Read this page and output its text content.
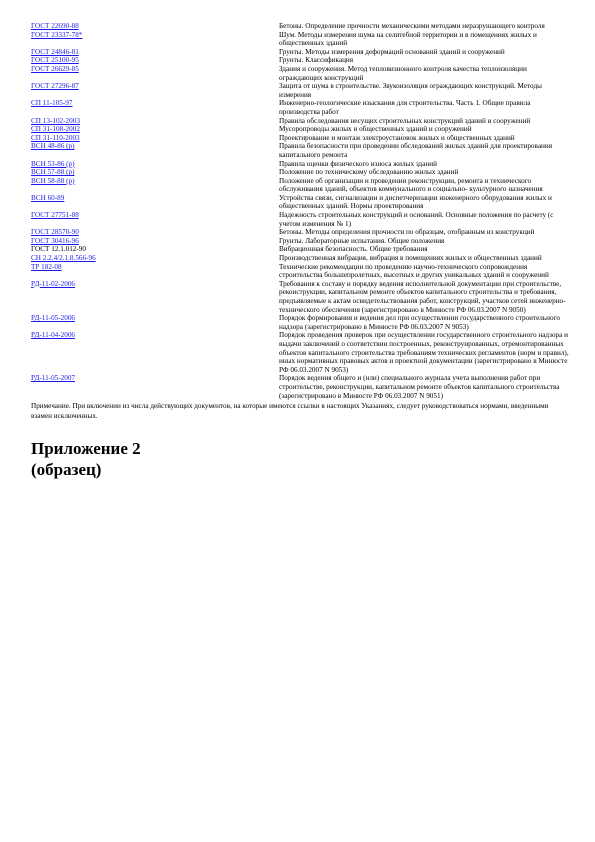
ГОСТ 22690-88	Бетоны. Определение прочности механическими методами неразрушающего контроля
ГОСТ 23337-78*	Шум. Методы измерения шума на селитебной территории и в помещениях жилых и общественных зданий
ГОСТ 24846-81	Грунты. Методы измерения деформаций оснований зданий и сооружений
ГОСТ 25100-95	Грунты. Классификация
ГОСТ 26629-85	Здания и сооружения. Метод тепловизионного контроля качества теплоизоляции ограждающих конструкций
ГОСТ 27296-87	Защита от шума в строительстве. Звукоизоляция ограждающих конструкций. Методы измерения
СП 11-105-97	Инженерно-геологические изыскания для строительства. Часть 1. Общие правила производства работ
СП 13-102-2003	Правила обследования несущих строительных конструкций зданий и сооружений
СП 31-108-2002	Мусоропроводы жилых и общественных зданий и сооружений
СП 31-110-2003	Проектирование и монтаж электроустановок жилых и общественных зданий
ВСН 48-86 (р)	Правила безопасности при проведении обследований жилых зданий для проектирования капитального ремонта
ВСН 53-86 (р)	Правила оценки физического износа жилых зданий
ВСН 57-88 (р)	Положение по техническому обследованию жилых зданий
ВСН 58-88 (р)	Положение об организации и проведении реконструкции, ремонта и технического обслуживания зданий, объектов коммунального и социально- культурного назначения
ВСН 60-89	Устройства связи, сигнализации и диспетчеризации инженерного оборудования жилых и общественных зданий. Нормы проектирования
ГОСТ 27751-88	Надежность строительных конструкций и оснований. Основные положения по расчету (с учетом изменения № 1)
ГОСТ 28570-90	Бетоны. Методы определения прочности по образцам, отобранным из конструкций
ГОСТ 30416-96	Грунты. Лабораторные испытания. Общие положения
ГОСТ 12.1.012-90	Вибрационная безопасность. Общие требования
СН 2.2.4/2.1.8.566-96	Производственная вибрация, вибрация в помещениях жилых и общественных зданий
ТР 182-08	Технические рекомендации по проведению научно-технического сопровождения строительства большепролетных, высотных и других уникальных зданий и сооружений
РД-11-02-2006	Требования к составу и порядку ведения исполнительной документации при строительстве, реконструкции, капитальном ремонте объектов капитального строительства и требования, предъявляемые к актам освидетельствования работ, конструкций, участков сетей инженерно-технического обеспечения (зарегистрировано в Минюсте РФ 06.03.2007 N 9050)
РД-11-05-2006	Порядок формирования и ведения дел при осуществлении государственного строительного надзора (зарегистрировано в Минюсте РФ 06.03.2007 N 9053)
РД-11-04-2006	Порядок проведения проверок при осуществлении государственного строительного надзора и выдачи заключений о соответствии построенных, реконструированных, отремонтированных объектов капитального строительства требованиям технических регламентов (норм и правил), иных нормативных правовых актов и проектной документации (зарегистрировано в Минюсте РФ 06.03.2007 N 9053)
РД-11-05-2007	Порядок ведения общего и (или) специального журнала учета выполнения работ при строительстве, реконструкции, капитальном ремонте объектов капитального строительства (зарегистрировано в Минюсте РФ 06.03.2007 N 9051)
Примечание. При включении из числа действующих документов, на которые имеются ссылки в настоящих Указаниях, следует руководствоваться нормами, введенными взамен исключенных.
Приложение 2
(образец)
